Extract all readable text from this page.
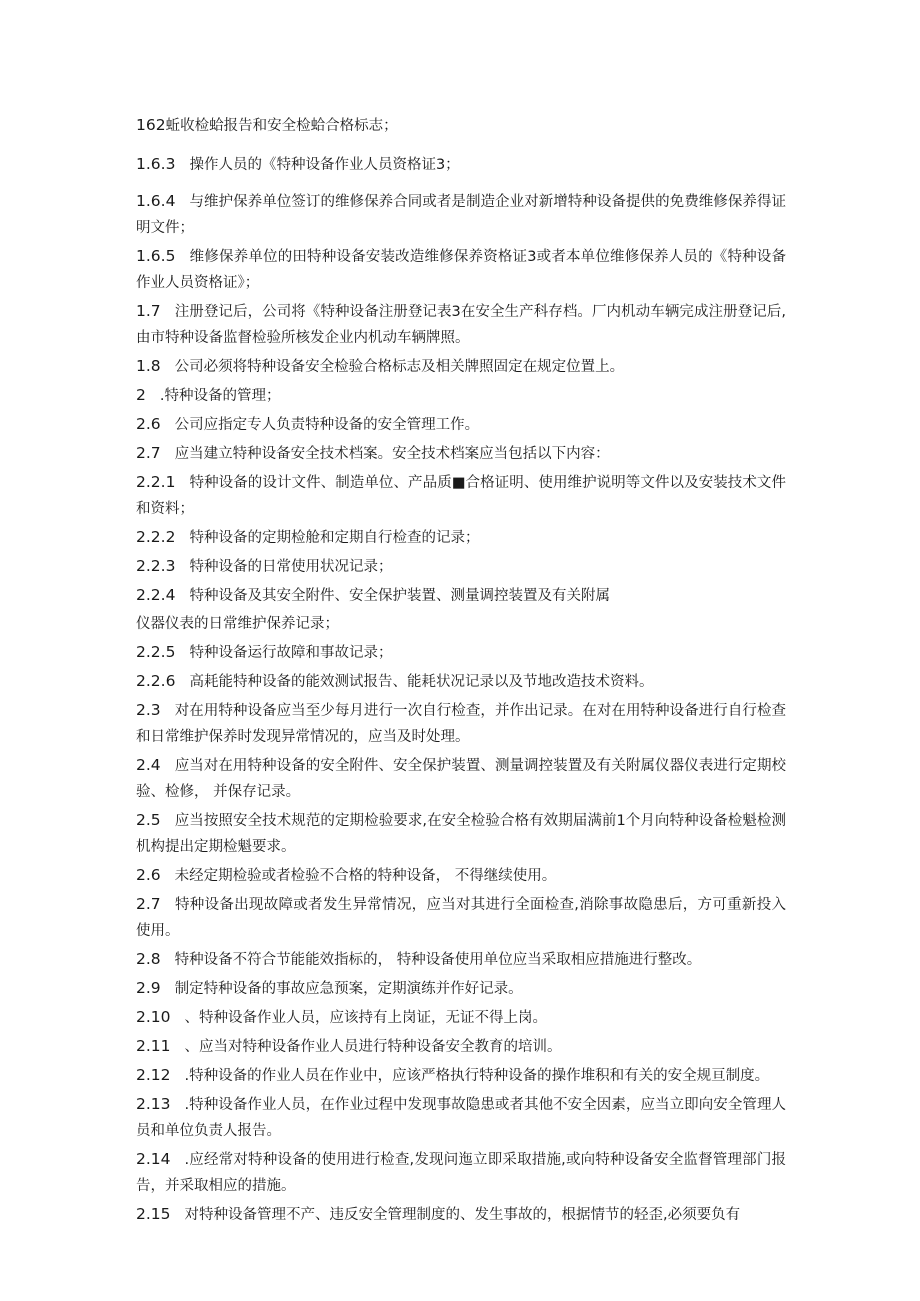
162蚯收检蛤报告和安全检蛤合格标志；

1.6.3 操作人员的《特种设备作业人员资格证3；

1.6.4 与维护保养单位签订的维修保养合同或者是制造企业对新增特种设备提供的免费维修保养得证明文件；

1.6.5 维修保养单位的田特种设备安装改造维修保养资格证3或者本单位维修保养人员的《特种设备作业人员资格证》；

1.7 注册登记后，公司将《特种设备注册登记表3在安全生产科存档。厂内机动车辆完成注册登记后,由市特种设备监督检验所核发企业内机动车辆牌照。

1.8 公司必须将特种设备安全检验合格标志及相关牌照固定在规定位置上。

2 .特种设备的管理；

2.6 公司应指定专人负责特种设备的安全管理工作。

2.7 应当建立特种设备安全技术档案。安全技术档案应当包括以下内容：

2.2.1 特种设备的设计文件、制造单位、产品质■合格证明、使用维护说明等文件以及安装技术文件和资料；

2.2.2 特种设备的定期检舱和定期自行检查的记录；

2.2.3 特种设备的日常使用状况记录；

2.2.4 特种设备及其安全附件、安全保护装置、测量调控装置及有关附属

仪器仪表的日常维护保养记录；

2.2.5 特种设备运行故障和事故记录；

2.2.6 高耗能特种设备的能效测试报告、能耗状况记录以及节地改造技术资料。

2.3 对在用特种设备应当至少每月进行一次自行检查，并作出记录。在对在用特种设备进行自行检查和日常维护保养时发现异常情况的，应当及时处理。

2.4 应当对在用特种设备的安全附件、安全保护装置、测量调控装置及有关附属仪器仪表进行定期校验、检修， 并保存记录。

2.5 应当按照安全技术规范的定期检验要求,在安全检验合格有效期届满前1个月向特种设备检魁检测机构提出定期检魁要求。

2.6 未经定期检验或者检验不合格的特种设备， 不得继续使用。

2.7 特种设备出现故障或者发生异常情况，应当对其进行全面检查,消除事故隐患后，方可重新投入使用。

2.8 特种设备不符合节能能效指标的， 特种设备使用单位应当采取相应措施进行整改。

2.9 制定特种设备的事故应急预案，定期演练并作好记录。

2.10 、特种设备作业人员，应该持有上岗证，无证不得上岗。

2.11 、应当对特种设备作业人员进行特种设备安全教育的培训。

2.12 .特种设备的作业人员在作业中，应该严格执行特种设备的操作堆积和有关的安全规亘制度。

2.13 .特种设备作业人员，在作业过程中发现事故隐患或者其他不安全因素，应当立即向安全管理人员和单位负责人报告。

2.14 .应经常对特种设备的使用进行检查,发现问迤立即采取措施,或向特种设备安全监督管理部门报告，并采取相应的措施。

2.15 对特种设备管理不产、违反安全管理制度的、发生事故的，根据情节的轻歪,必须要负有
